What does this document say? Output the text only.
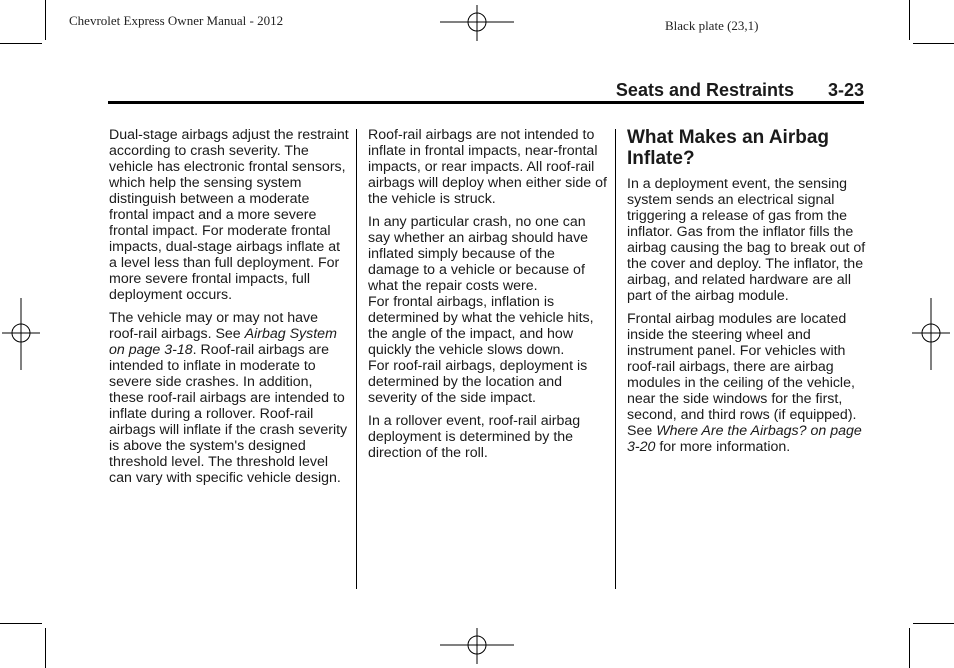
Chevrolet Express Owner Manual - 2012	Black plate (23,1)
Seats and Restraints 3-23

Dual-stage airbags adjust the restraint according to crash severity. The vehicle has electronic frontal sensors, which help the sensing system distinguish between a moderate frontal impact and a more severe frontal impact. For moderate frontal impacts, dual-stage airbags inflate at a level less than full deployment. For more severe frontal impacts, full deployment occurs.

The vehicle may or may not have roof-rail airbags. See Airbag System on page 3-18. Roof-rail airbags are intended to inflate in moderate to severe side crashes. In addition, these roof-rail airbags are intended to inflate during a rollover. Roof-rail airbags will inflate if the crash severity is above the system's designed threshold level. The threshold level can vary with specific vehicle design.

Roof-rail airbags are not intended to inflate in frontal impacts, near-frontal impacts, or rear impacts. All roof-rail airbags will deploy when either side of the vehicle is struck.

In any particular crash, no one can say whether an airbag should have inflated simply because of the damage to a vehicle or because of what the repair costs were.

For frontal airbags, inflation is determined by what the vehicle hits, the angle of the impact, and how quickly the vehicle slows down.

For roof-rail airbags, deployment is determined by the location and severity of the side impact.

In a rollover event, roof-rail airbag deployment is determined by the direction of the roll.

What Makes an Airbag Inflate?

In a deployment event, the sensing system sends an electrical signal triggering a release of gas from the inflator. Gas from the inflator fills the airbag causing the bag to break out of the cover and deploy. The inflator, the airbag, and related hardware are all part of the airbag module.

Frontal airbag modules are located inside the steering wheel and instrument panel. For vehicles with roof-rail airbags, there are airbag modules in the ceiling of the vehicle, near the side windows for the first, second, and third rows (if equipped). See Where Are the Airbags? on page 3-20 for more information.
